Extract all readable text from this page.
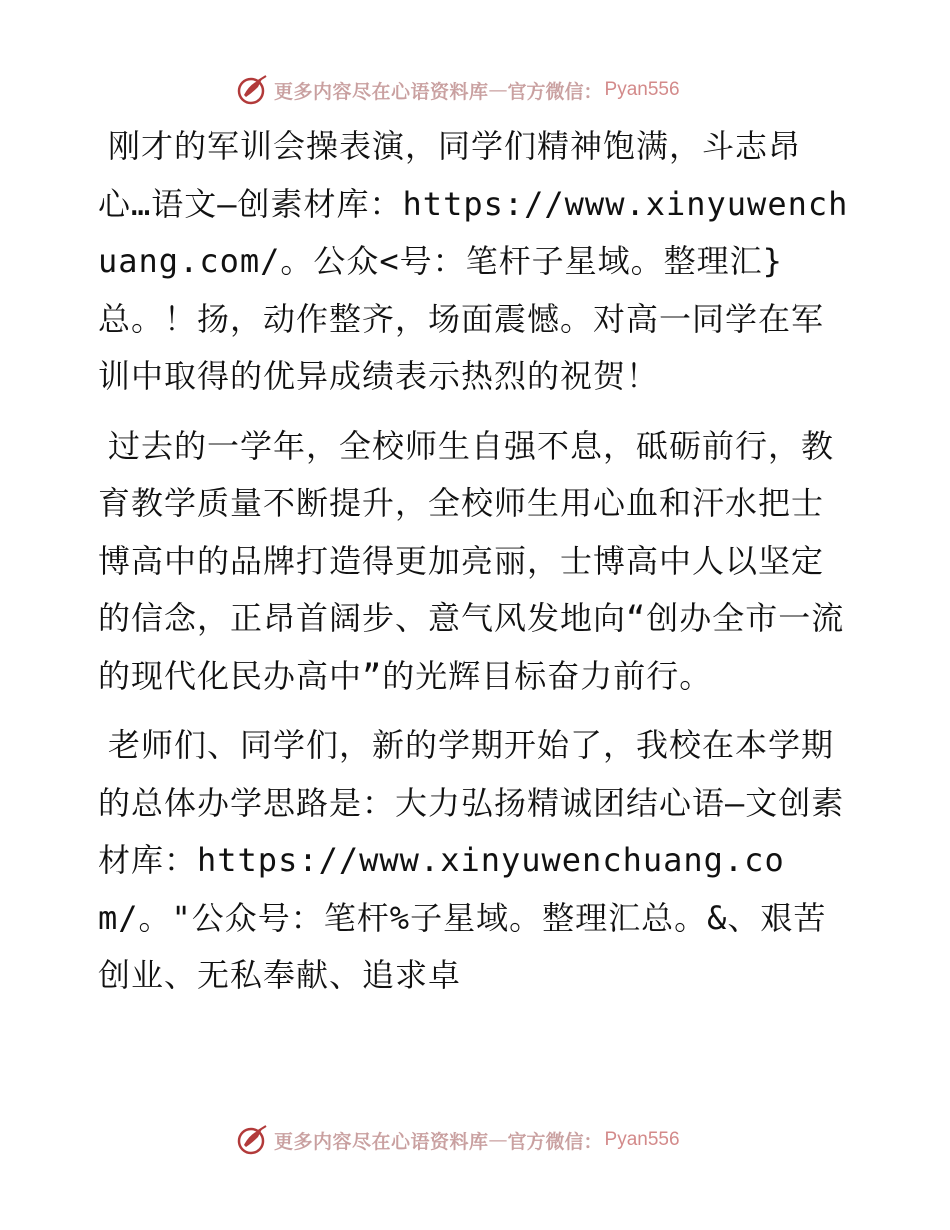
更多内容尽在心语资料库 — 官方微信： Pyan556

刚才的军训会操表演，同学们精神饱满，斗志昂心…语文—创素材库：https://www.xinyuwenchuang.com/。公众<号：笔杆子星域。整理汇}总。！扬，动作整齐，场面震憾。对高一同学在军训中取得的优异成绩表示热烈的祝贺！

过去的一学年，全校师生自强不息，砥砺前行，教育教学质量不断提升，全校师生用心血和汗水把士博高中的品牌打造得更加亮丽，士博高中人以坚定的信念，正昂首阔步、意气风发地向“创办全市一流的现代化民办高中”的光辉目标奋力前行。

老师们、同学们，新的学期开始了，我校在本学期的总体办学思路是：大力弘扬精诚团结心语—文创素材库：https://www.xinyuwenchuang.com/。"公众号：笔杆%子星域。整理汇总。&、艰苦创业、无私奉献、追求卓

更多内容尽在心语资料库 — 官方微信： Pyan556
